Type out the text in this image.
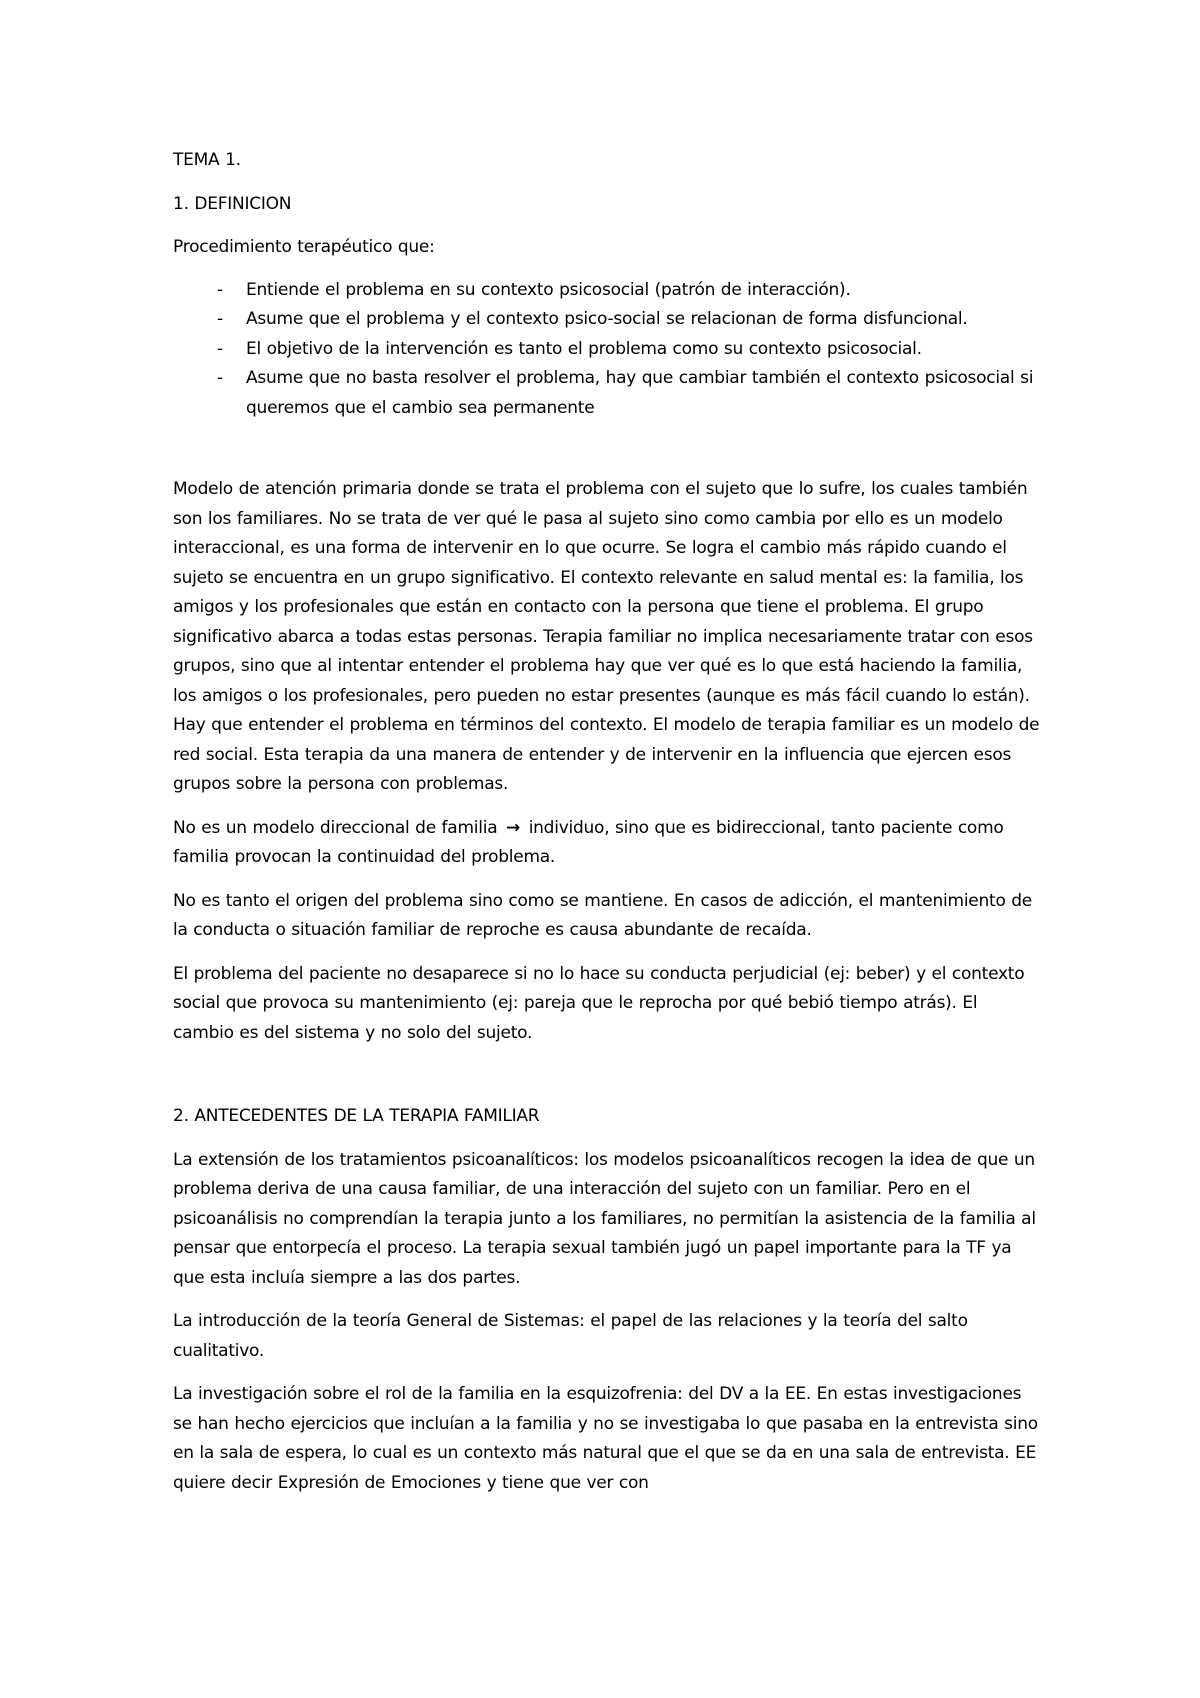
TEMA 1.

1. DEFINICION

Procedimiento terapéutico que:

- Entiende el problema en su contexto psicosocial (patrón de interacción).
- Asume que el problema y el contexto psico-social se relacionan de forma disfuncional.
- El objetivo de la intervención es tanto el problema como su contexto psicosocial.
- Asume que no basta resolver el problema, hay que cambiar también el contexto psicosocial si queremos que el cambio sea permanente

Modelo de atención primaria donde se trata el problema con el sujeto que lo sufre, los cuales también son los familiares. No se trata de ver qué le pasa al sujeto sino como cambia por ello es un modelo interaccional, es una forma de intervenir en lo que ocurre. Se logra el cambio más rápido cuando el sujeto se encuentra en un grupo significativo. El contexto relevante en salud mental es: la familia, los amigos y los profesionales que están en contacto con la persona que tiene el problema. El grupo significativo abarca a todas estas personas. Terapia familiar no implica necesariamente tratar con esos grupos, sino que al intentar entender el problema hay que ver qué es lo que está haciendo la familia, los amigos o los profesionales, pero pueden no estar presentes (aunque es más fácil cuando lo están). Hay que entender el problema en términos del contexto. El modelo de terapia familiar es un modelo de red social. Esta terapia da una manera de entender y de intervenir en la influencia que ejercen esos grupos sobre la persona con problemas.

No es un modelo direccional de familia → individuo, sino que es bidireccional, tanto paciente como familia provocan la continuidad del problema.

No es tanto el origen del problema sino como se mantiene. En casos de adicción, el mantenimiento de la conducta o situación familiar de reproche es causa abundante de recaída.

El problema del paciente no desaparece si no lo hace su conducta perjudicial (ej: beber) y el contexto social que provoca su mantenimiento (ej: pareja que le reprocha por qué bebió tiempo atrás). El cambio es del sistema y no solo del sujeto.

2. ANTECEDENTES DE LA TERAPIA FAMILIAR

La extensión de los tratamientos psicoanalíticos: los modelos psicoanalíticos recogen la idea de que un problema deriva de una causa familiar, de una interacción del sujeto con un familiar. Pero en el psicoanálisis no comprendían la terapia junto a los familiares, no permitían la asistencia de la familia al pensar que entorpecía el proceso. La terapia sexual también jugó un papel importante para la TF ya que esta incluía siempre a las dos partes.

La introducción de la teoría General de Sistemas: el papel de las relaciones y la teoría del salto cualitativo.

La investigación sobre el rol de la familia en la esquizofrenia: del DV a la EE. En estas investigaciones se han hecho ejercicios que incluían a la familia y no se investigaba lo que pasaba en la entrevista sino en la sala de espera, lo cual es un contexto más natural que el que se da en una sala de entrevista. EE quiere decir Expresión de Emociones y tiene que ver con
